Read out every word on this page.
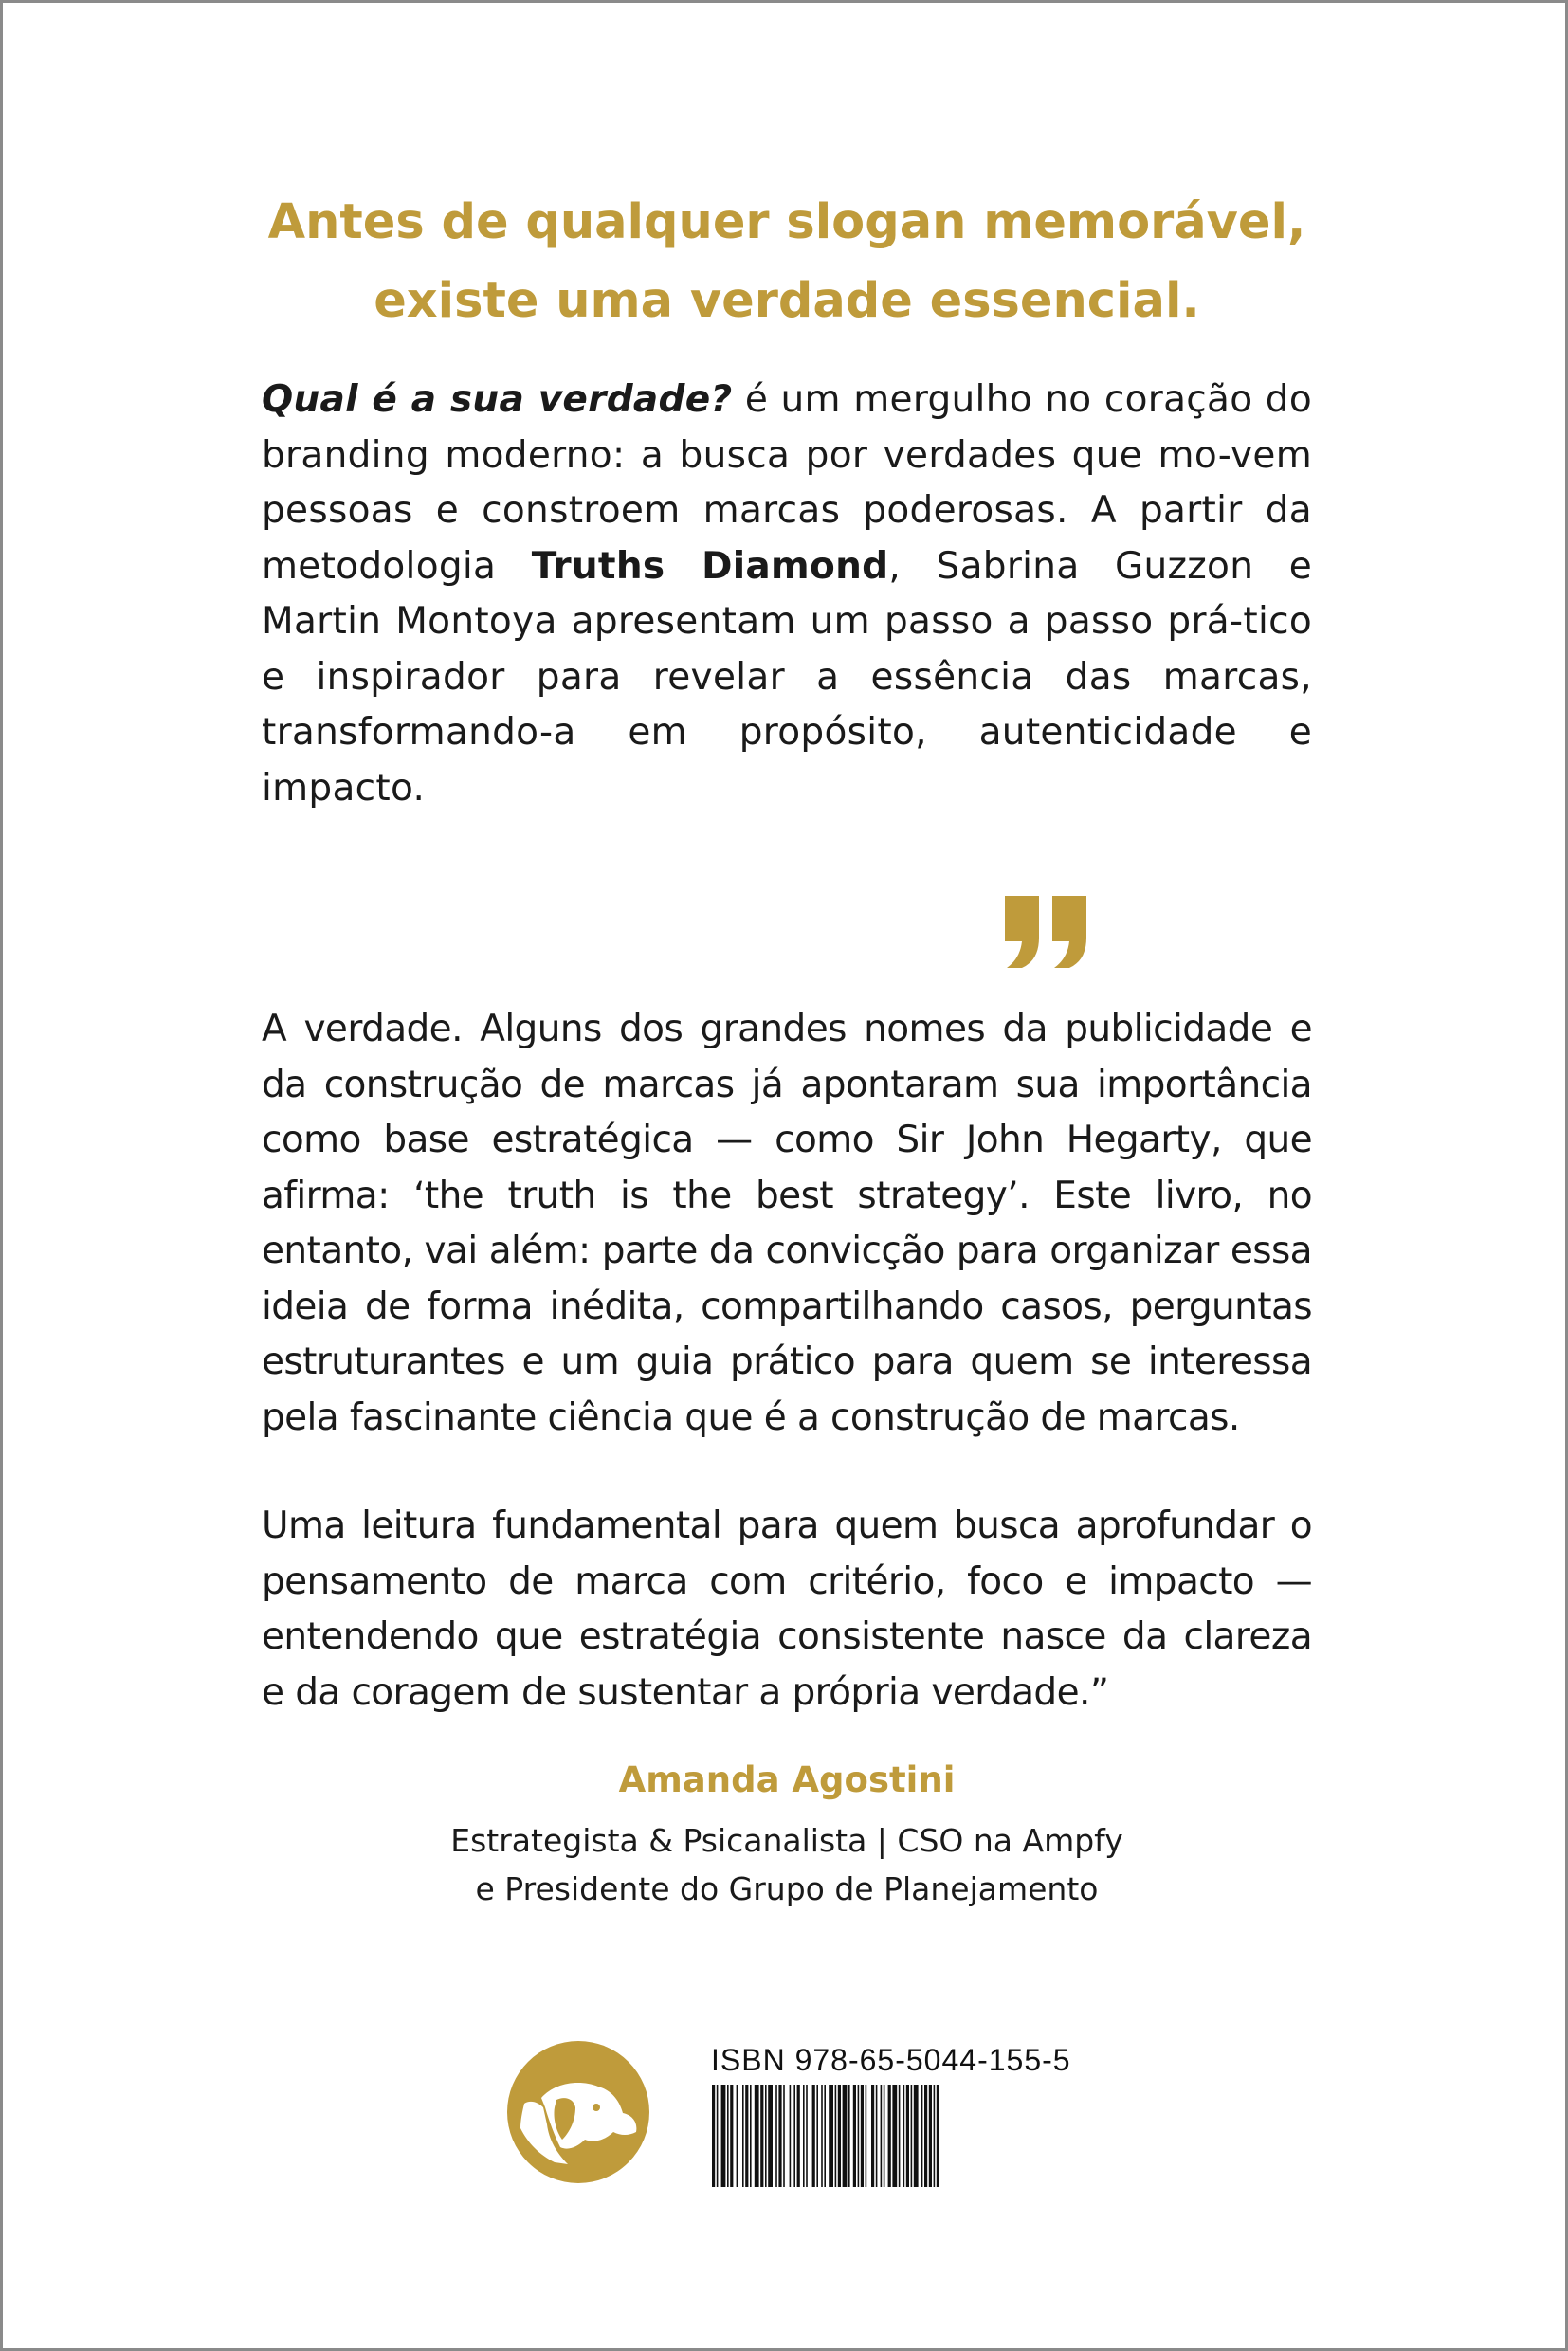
Antes de qualquer slogan memorável,
existe uma verdade essencial.

Qual é a sua verdade? é um mergulho no coração do branding moderno: a busca por verdades que mo-vem pessoas e constroem marcas poderosas. A partir da metodologia Truths Diamond, Sabrina Guzzon e Martin Montoya apresentam um passo a passo prá-tico e inspirador para revelar a essência das marcas, transformando-a em propósito, autenticidade e impacto.

A verdade. Alguns dos grandes nomes da publicidade e da construção de marcas já apontaram sua importância como base estratégica — como Sir John Hegarty, que afirma: ‘the truth is the best strategy’. Este livro, no entanto, vai além: parte da convicção para organizar essa ideia de forma inédita, compartilhando casos, perguntas estruturantes e um guia prático para quem se interessa pela fascinante ciência que é a construção de marcas.

Uma leitura fundamental para quem busca aprofundar o pensamento de marca com critério, foco e impacto — entendendo que estratégia consistente nasce da clareza e da coragem de sustentar a própria verdade.”

Amanda Agostini

Estrategista & Psicanalista | CSO na Ampfy

e Presidente do Grupo de Planejamento

ISBN 978-65-5044-155-5
